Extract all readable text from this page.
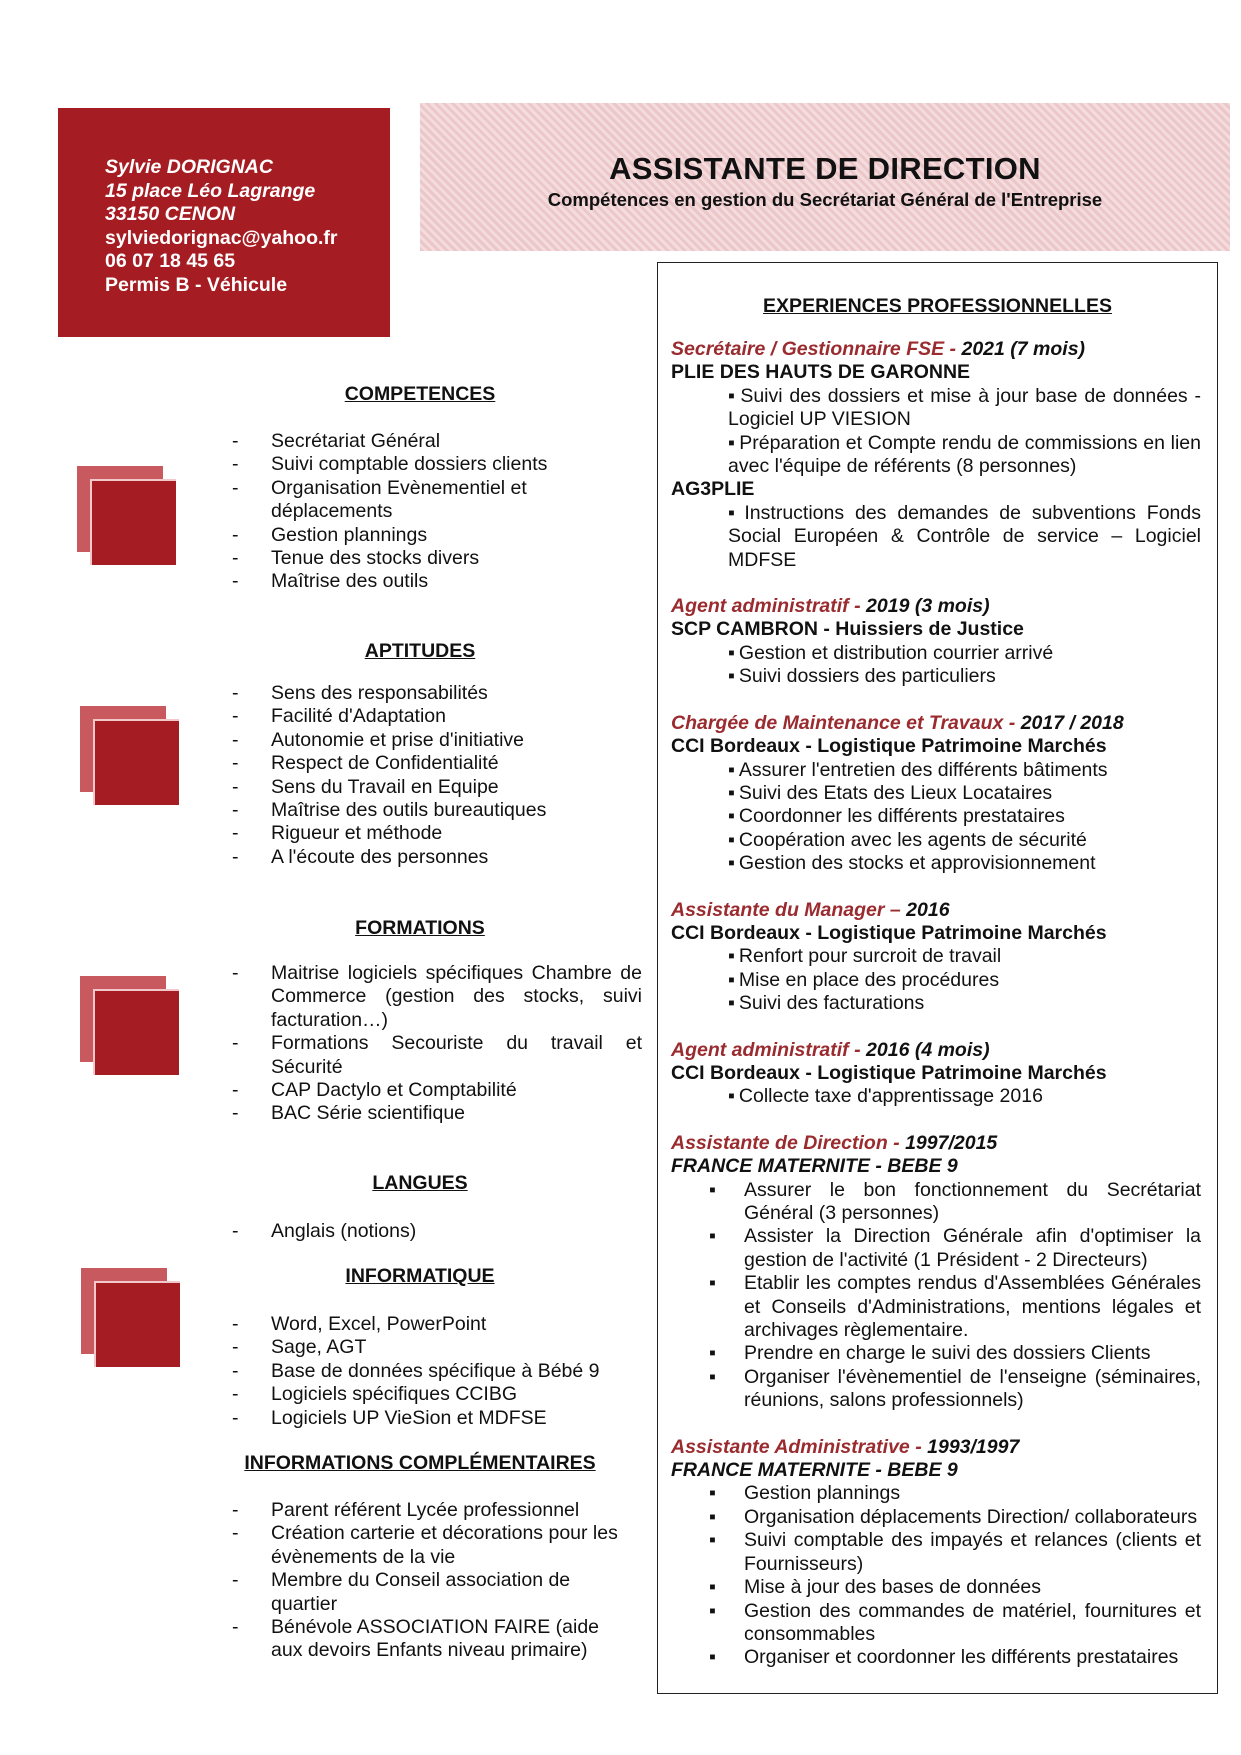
Sylvie DORIGNAC
15 place Léo Lagrange
33150 CENON
sylviedorignac@yahoo.fr
06 07 18 45 65
Permis B - Véhicule
ASSISTANTE DE DIRECTION
Compétences en gestion du Secrétariat Général de l'Entreprise
COMPETENCES
- Secrétariat Général
- Suivi comptable dossiers clients
- Organisation Evènementiel et déplacements
- Gestion plannings
- Tenue des stocks divers
- Maîtrise des outils
APTITUDES
- Sens des responsabilités
- Facilité d'Adaptation
- Autonomie et prise d'initiative
- Respect de Confidentialité
- Sens du Travail en Equipe
- Maîtrise des outils bureautiques
- Rigueur et méthode
- A l'écoute des personnes
FORMATIONS
- Maitrise logiciels spécifiques Chambre de Commerce (gestion des stocks, suivi facturation…)
- Formations Secouriste du travail et Sécurité
- CAP Dactylo et Comptabilité
- BAC Série scientifique
LANGUES
- Anglais (notions)
INFORMATIQUE
- Word, Excel, PowerPoint
- Sage, AGT
- Base de données spécifique à Bébé 9
- Logiciels spécifiques CCIBG
- Logiciels UP VieSion et MDFSE
INFORMATIONS COMPLÉMENTAIRES
- Parent référent Lycée professionnel
- Création carterie et décorations pour les évènements de la vie
- Membre du Conseil association de quartier
- Bénévole ASSOCIATION FAIRE (aide aux devoirs Enfants niveau primaire)
EXPERIENCES PROFESSIONNELLES
Secrétaire / Gestionnaire FSE - 2021 (7 mois)
PLIE DES HAUTS DE GARONNE
▪ Suivi des dossiers et mise à jour base de données - Logiciel UP VIESION
▪ Préparation et Compte rendu de commissions en lien avec l'équipe de référents (8 personnes)
AG3PLIE
▪ Instructions des demandes de subventions Fonds Social Européen & Contrôle de service – Logiciel MDFSE
Agent administratif - 2019 (3 mois)
SCP CAMBRON - Huissiers de Justice
▪ Gestion et distribution courrier arrivé
▪ Suivi dossiers des particuliers
Chargée de Maintenance et Travaux - 2017 / 2018
CCI Bordeaux - Logistique Patrimoine Marchés
▪ Assurer l'entretien des différents bâtiments
▪ Suivi des Etats des Lieux Locataires
▪ Coordonner les différents prestataires
▪ Coopération avec les agents de sécurité
▪ Gestion des stocks et approvisionnement
Assistante du Manager – 2016
CCI Bordeaux - Logistique Patrimoine Marchés
▪ Renfort pour surcroit de travail
▪ Mise en place des procédures
▪ Suivi des facturations
Agent administratif - 2016 (4 mois)
CCI Bordeaux - Logistique Patrimoine Marchés
▪ Collecte taxe d'apprentissage 2016
Assistante de Direction - 1997/2015
FRANCE MATERNITE - BEBE 9
▪ Assurer le bon fonctionnement du Secrétariat Général (3 personnes)
▪ Assister la Direction Générale afin d'optimiser la gestion de l'activité (1 Président - 2 Directeurs)
▪ Etablir les comptes rendus d'Assemblées Générales et Conseils d'Administrations, mentions légales et archivages règlementaire.
▪ Prendre en charge le suivi des dossiers Clients
▪ Organiser l'évènementiel de l'enseigne (séminaires, réunions, salons professionnels)
Assistante Administrative - 1993/1997
FRANCE MATERNITE - BEBE 9
▪ Gestion plannings
▪ Organisation déplacements Direction/ collaborateurs
▪ Suivi comptable des impayés et relances (clients et Fournisseurs)
▪ Mise à jour des bases de données
▪ Gestion des commandes de matériel, fournitures et consommables
▪ Organiser et coordonner les différents prestataires
